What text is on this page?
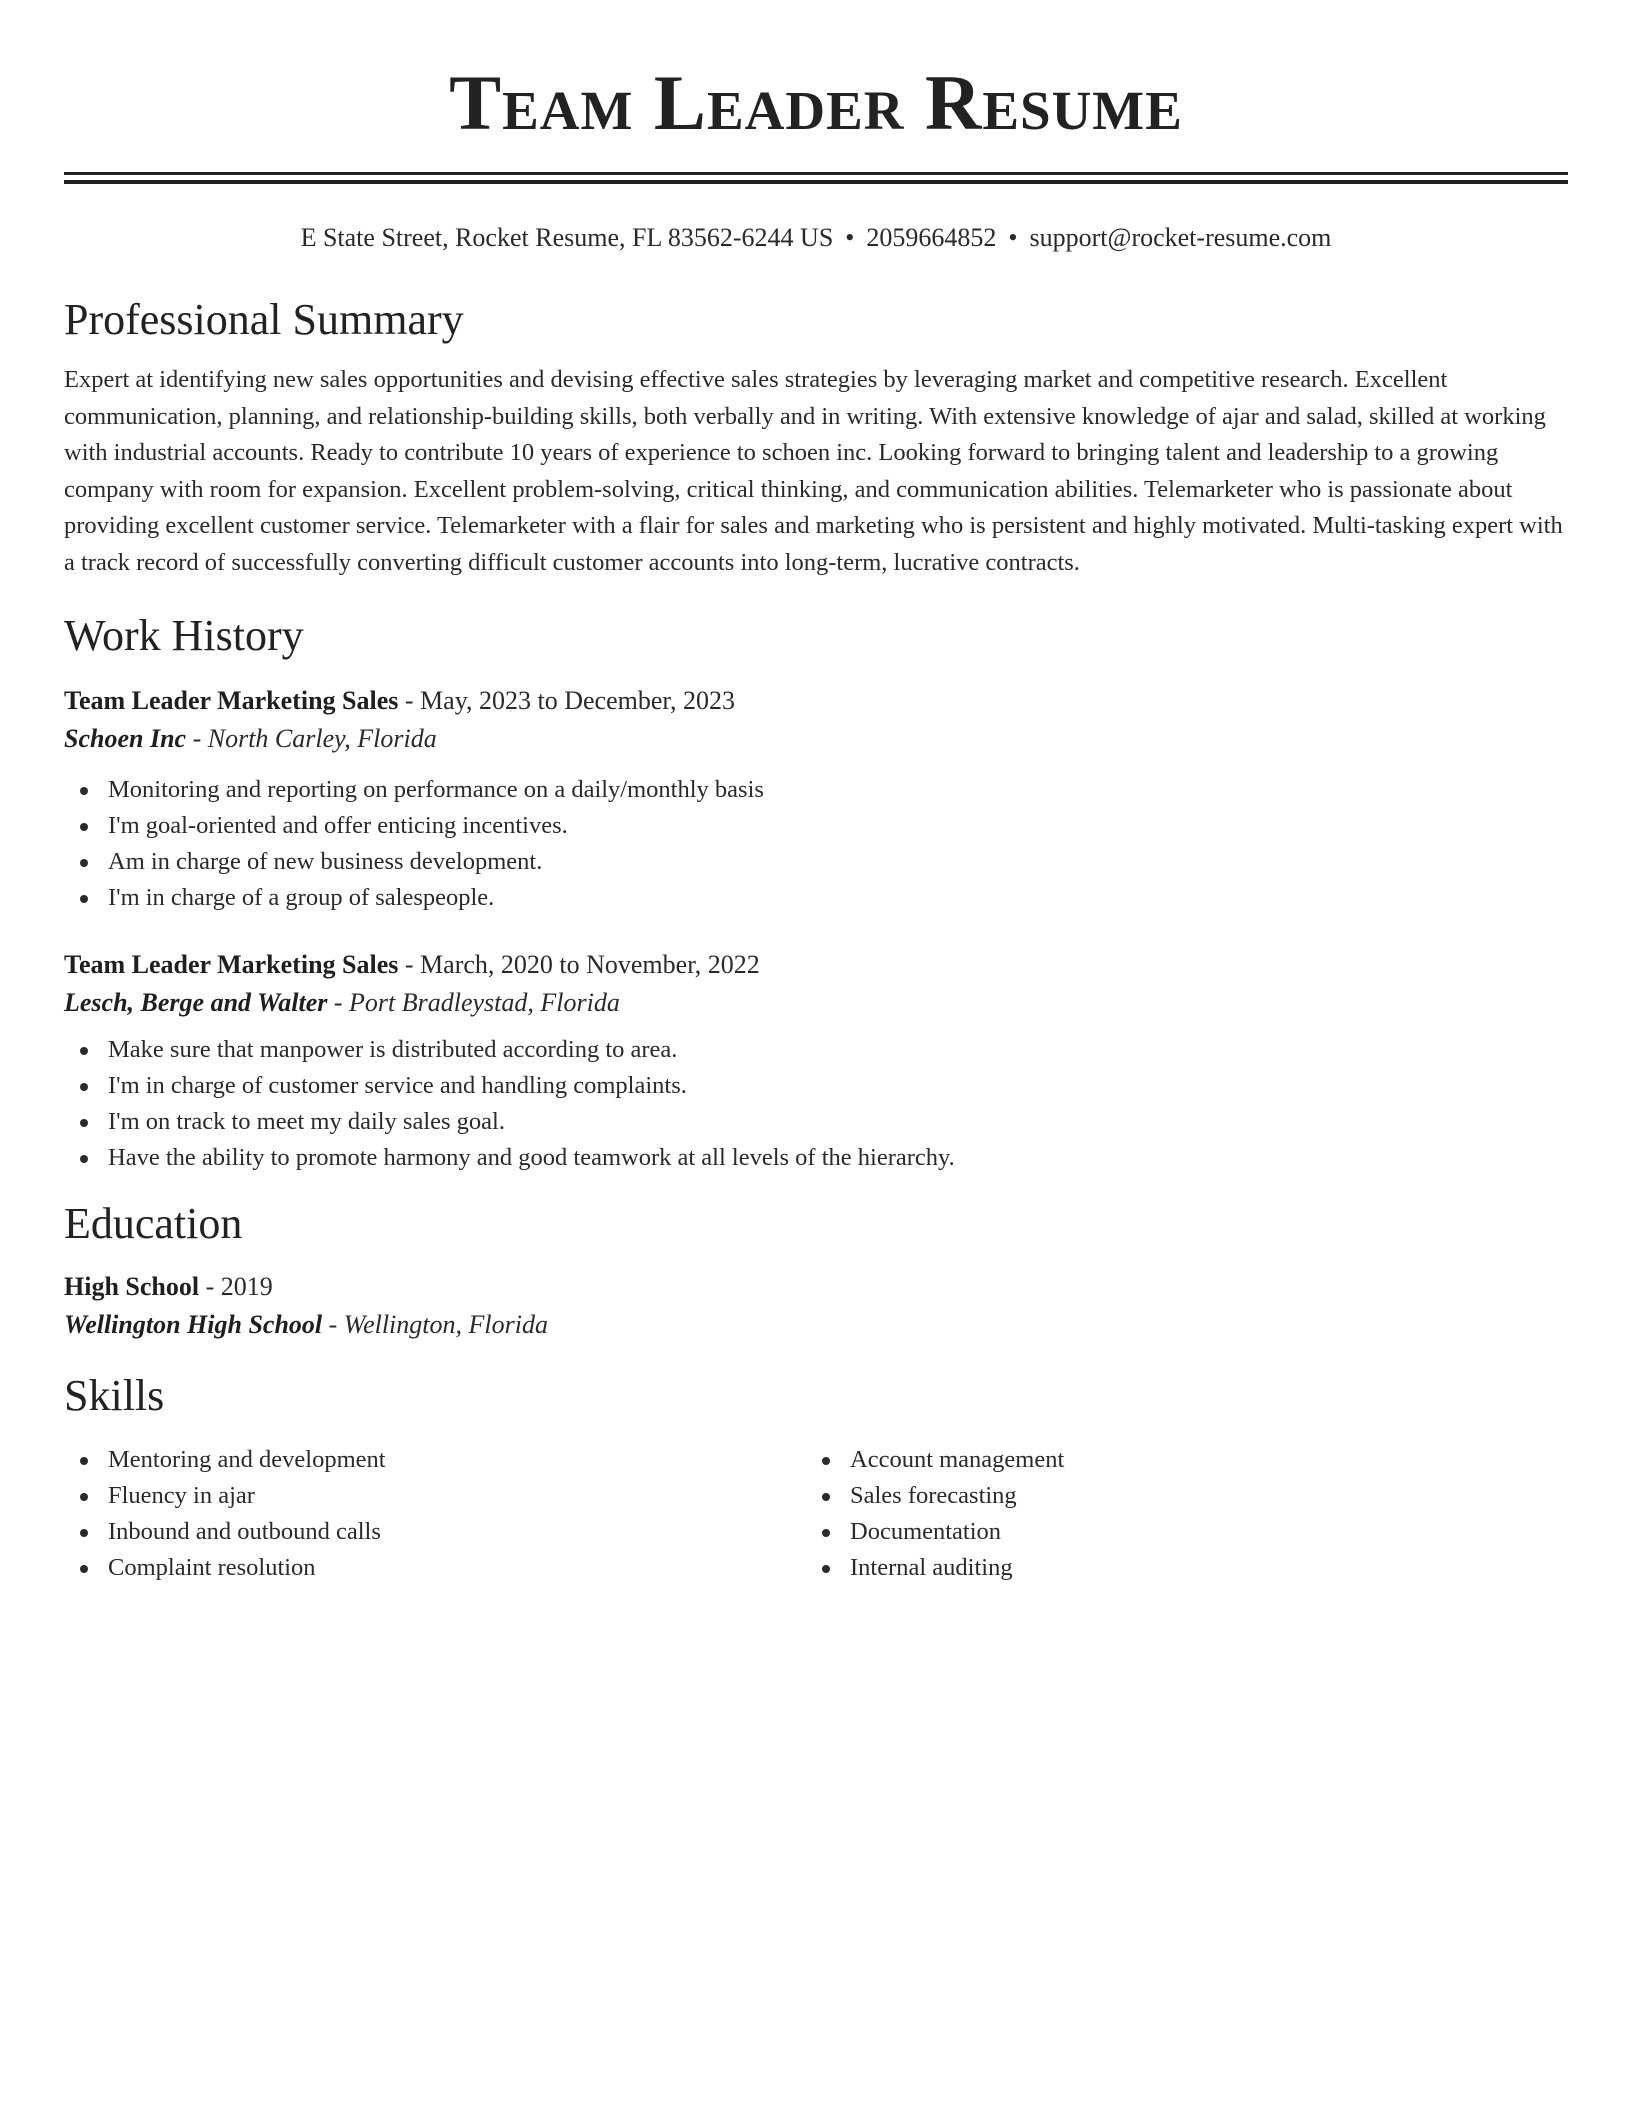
Team Leader Resume
E State Street, Rocket Resume, FL 83562-6244 US • 2059664852 • support@rocket-resume.com
Professional Summary
Expert at identifying new sales opportunities and devising effective sales strategies by leveraging market and competitive research. Excellent communication, planning, and relationship-building skills, both verbally and in writing. With extensive knowledge of ajar and salad, skilled at working with industrial accounts. Ready to contribute 10 years of experience to schoen inc. Looking forward to bringing talent and leadership to a growing company with room for expansion. Excellent problem-solving, critical thinking, and communication abilities. Telemarketer who is passionate about providing excellent customer service. Telemarketer with a flair for sales and marketing who is persistent and highly motivated. Multi-tasking expert with a track record of successfully converting difficult customer accounts into long-term, lucrative contracts.
Work History
Team Leader Marketing Sales - May, 2023 to December, 2023
Schoen Inc - North Carley, Florida
Monitoring and reporting on performance on a daily/monthly basis
I'm goal-oriented and offer enticing incentives.
Am in charge of new business development.
I'm in charge of a group of salespeople.
Team Leader Marketing Sales - March, 2020 to November, 2022
Lesch, Berge and Walter - Port Bradleystad, Florida
Make sure that manpower is distributed according to area.
I'm in charge of customer service and handling complaints.
I'm on track to meet my daily sales goal.
Have the ability to promote harmony and good teamwork at all levels of the hierarchy.
Education
High School - 2019
Wellington High School - Wellington, Florida
Skills
Mentoring and development
Fluency in ajar
Inbound and outbound calls
Complaint resolution
Account management
Sales forecasting
Documentation
Internal auditing
